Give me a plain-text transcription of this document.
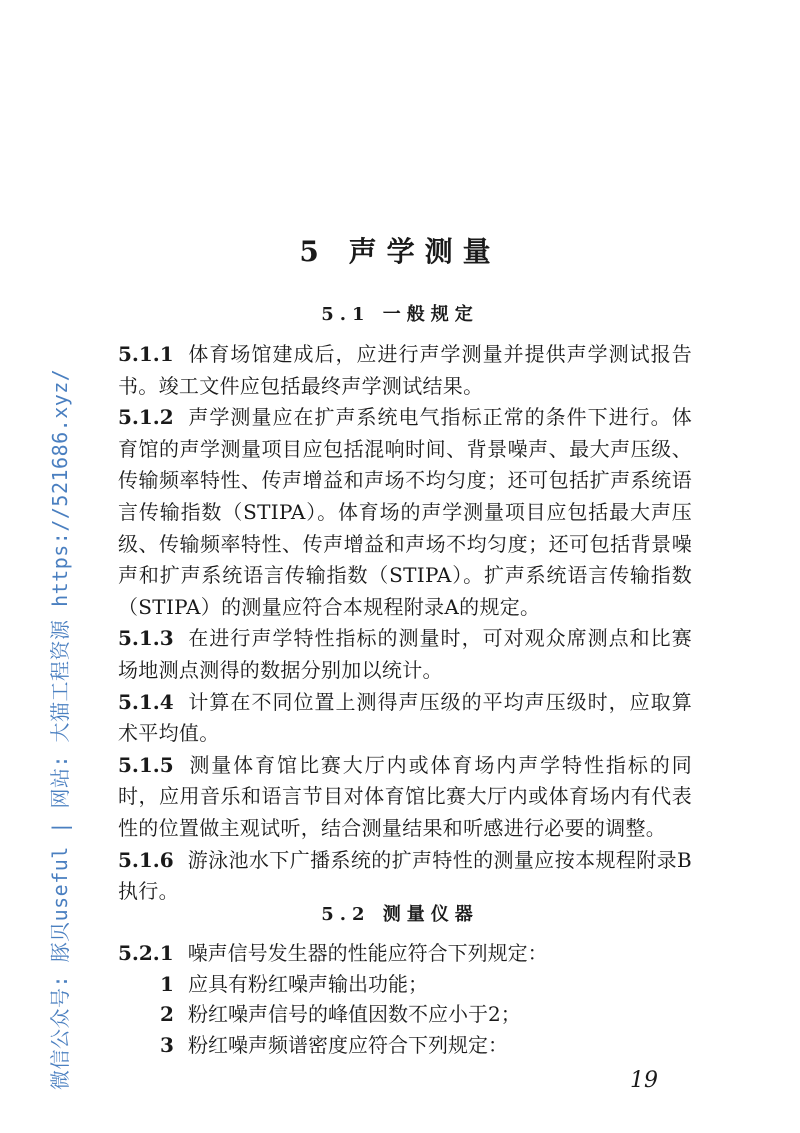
5 声学测量
5.1 一般规定

5.1.1 体育场馆建成后，应进行声学测量并提供声学测试报告书。竣工文件应包括最终声学测试结果。

5.1.2 声学测量应在扩声系统电气指标正常的条件下进行。体育馆的声学测量项目应包括混响时间、背景噪声、最大声压级、传输频率特性、传声增益和声场不均匀度；还可包括扩声系统语言传输指数（STIPA）。体育场的声学测量项目应包括最大声压级、传输频率特性、传声增益和声场不均匀度；还可包括背景噪声和扩声系统语言传输指数（STIPA）。扩声系统语言传输指数（STIPA）的测量应符合本规程附录A的规定。

5.1.3 在进行声学特性指标的测量时，可对观众席测点和比赛场地测点测得的数据分别加以统计。

5.1.4 计算在不同位置上测得声压级的平均声压级时，应取算术平均值。

5.1.5 测量体育馆比赛大厅内或体育场内声学特性指标的同时，应用音乐和语言节目对体育馆比赛大厅内或体育场内有代表性的位置做主观试听，结合测量结果和听感进行必要的调整。

5.1.6 游泳池水下广播系统的扩声特性的测量应按本规程附录B执行。

5.2 测量仪器

5.2.1 噪声信号发生器的性能应符合下列规定：

1 应具有粉红噪声输出功能；
2 粉红噪声信号的峰值因数不应小于2；
3 粉红噪声频谱密度应符合下列规定：
19
微信公众号: 豚贝useful | 网站: 大猫工程资源 https://521686.xyz/
